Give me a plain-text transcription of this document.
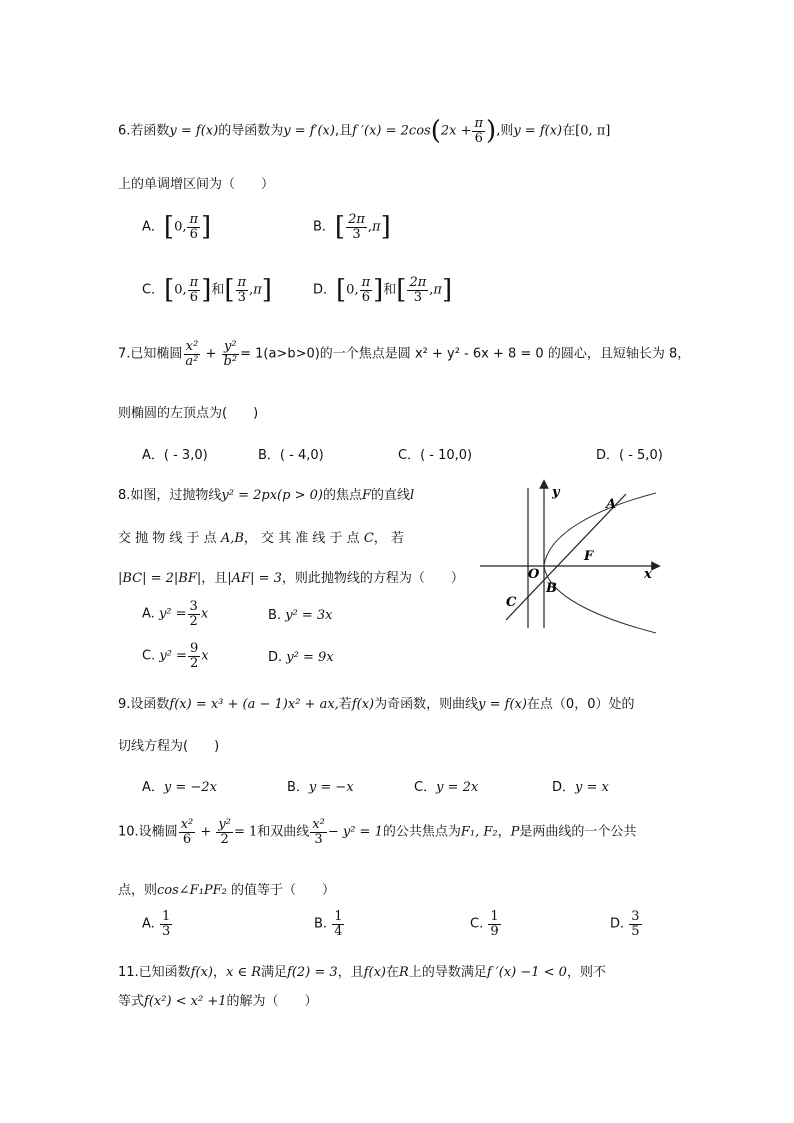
6.若函数y = f(x)的导函数为y = f′(x),且f $'(x) = 2\cos(2x + \frac{\pi}{6}$ ),则y = f(x)在[0, π]
上的单调增区间为（　　）
A．[0, $\frac{\pi}{6}$ ]	B．[ $\frac{2\pi}{3} ,\pi$]
C．[0, $\frac{\pi}{6}$ ]和[ $\frac{\pi}{3} ,\pi$]	D．[0, $\frac{\pi}{6}$ ]和[ $\frac{2\pi}{3} ,\pi$]
7.已知椭圆 $\frac{\text{x²}}{\text{a²}} + \frac{\text{y²}}{\text{b²}} = 1(a>b>0)$的一个焦点是圆 x² + y² - 6x + 8 = 0 的圆心，且短轴长为 8，
则椭圆的左顶点为(　　)
A．( - 3,0)	B．( - 4,0)	C．( - 10,0)	D．( - 5,0)
8.如图，过抛物线y² = 2px(p > 0)的焦点F的直线l
交 抛 物 线 于 点 A,B， 交 其 准 线 于 点 C， 若
|BC| = 2|BF|，且|AF| = 3，则此抛物线的方程为（　　）
A. $y^2 = \frac{3}{2}$ x	B. y² = 3x
C. $y^2 = \frac{9}{2}$ x	D. y² = 9x
y
x
A
F
O
B
C
9.设函数f(x) = x³ + (a − 1)x² + ax,若f(x)为奇函数，则曲线y = f(x)在点（0，0）处的
切线方程为(　　)
A．y = −2x	B．y = −x	C．y = 2x	D．y = x
10.设椭圆 $\frac{\text{x²}}{6} + \frac{\text{y²}}{2} = 1$和双曲线 $\frac{\text{x²}}{3} - y^2 = 1$的公共焦点为F₁, F₂，P是两曲线的一个公共
点，则cos∠F₁PF₂ 的值等于（　　）
A. $\frac{1}{3}$	B. $\frac{1}{4}$	C. $\frac{1}{9}$	D. $\frac{3}{5}$
11.已知函数f(x)，x ∈ R满足f(2) = 3，且f(x)在R上的导数满足f ′(x) −1 < 0，则不
等式f(x²) < x² +1的解为（　　）
